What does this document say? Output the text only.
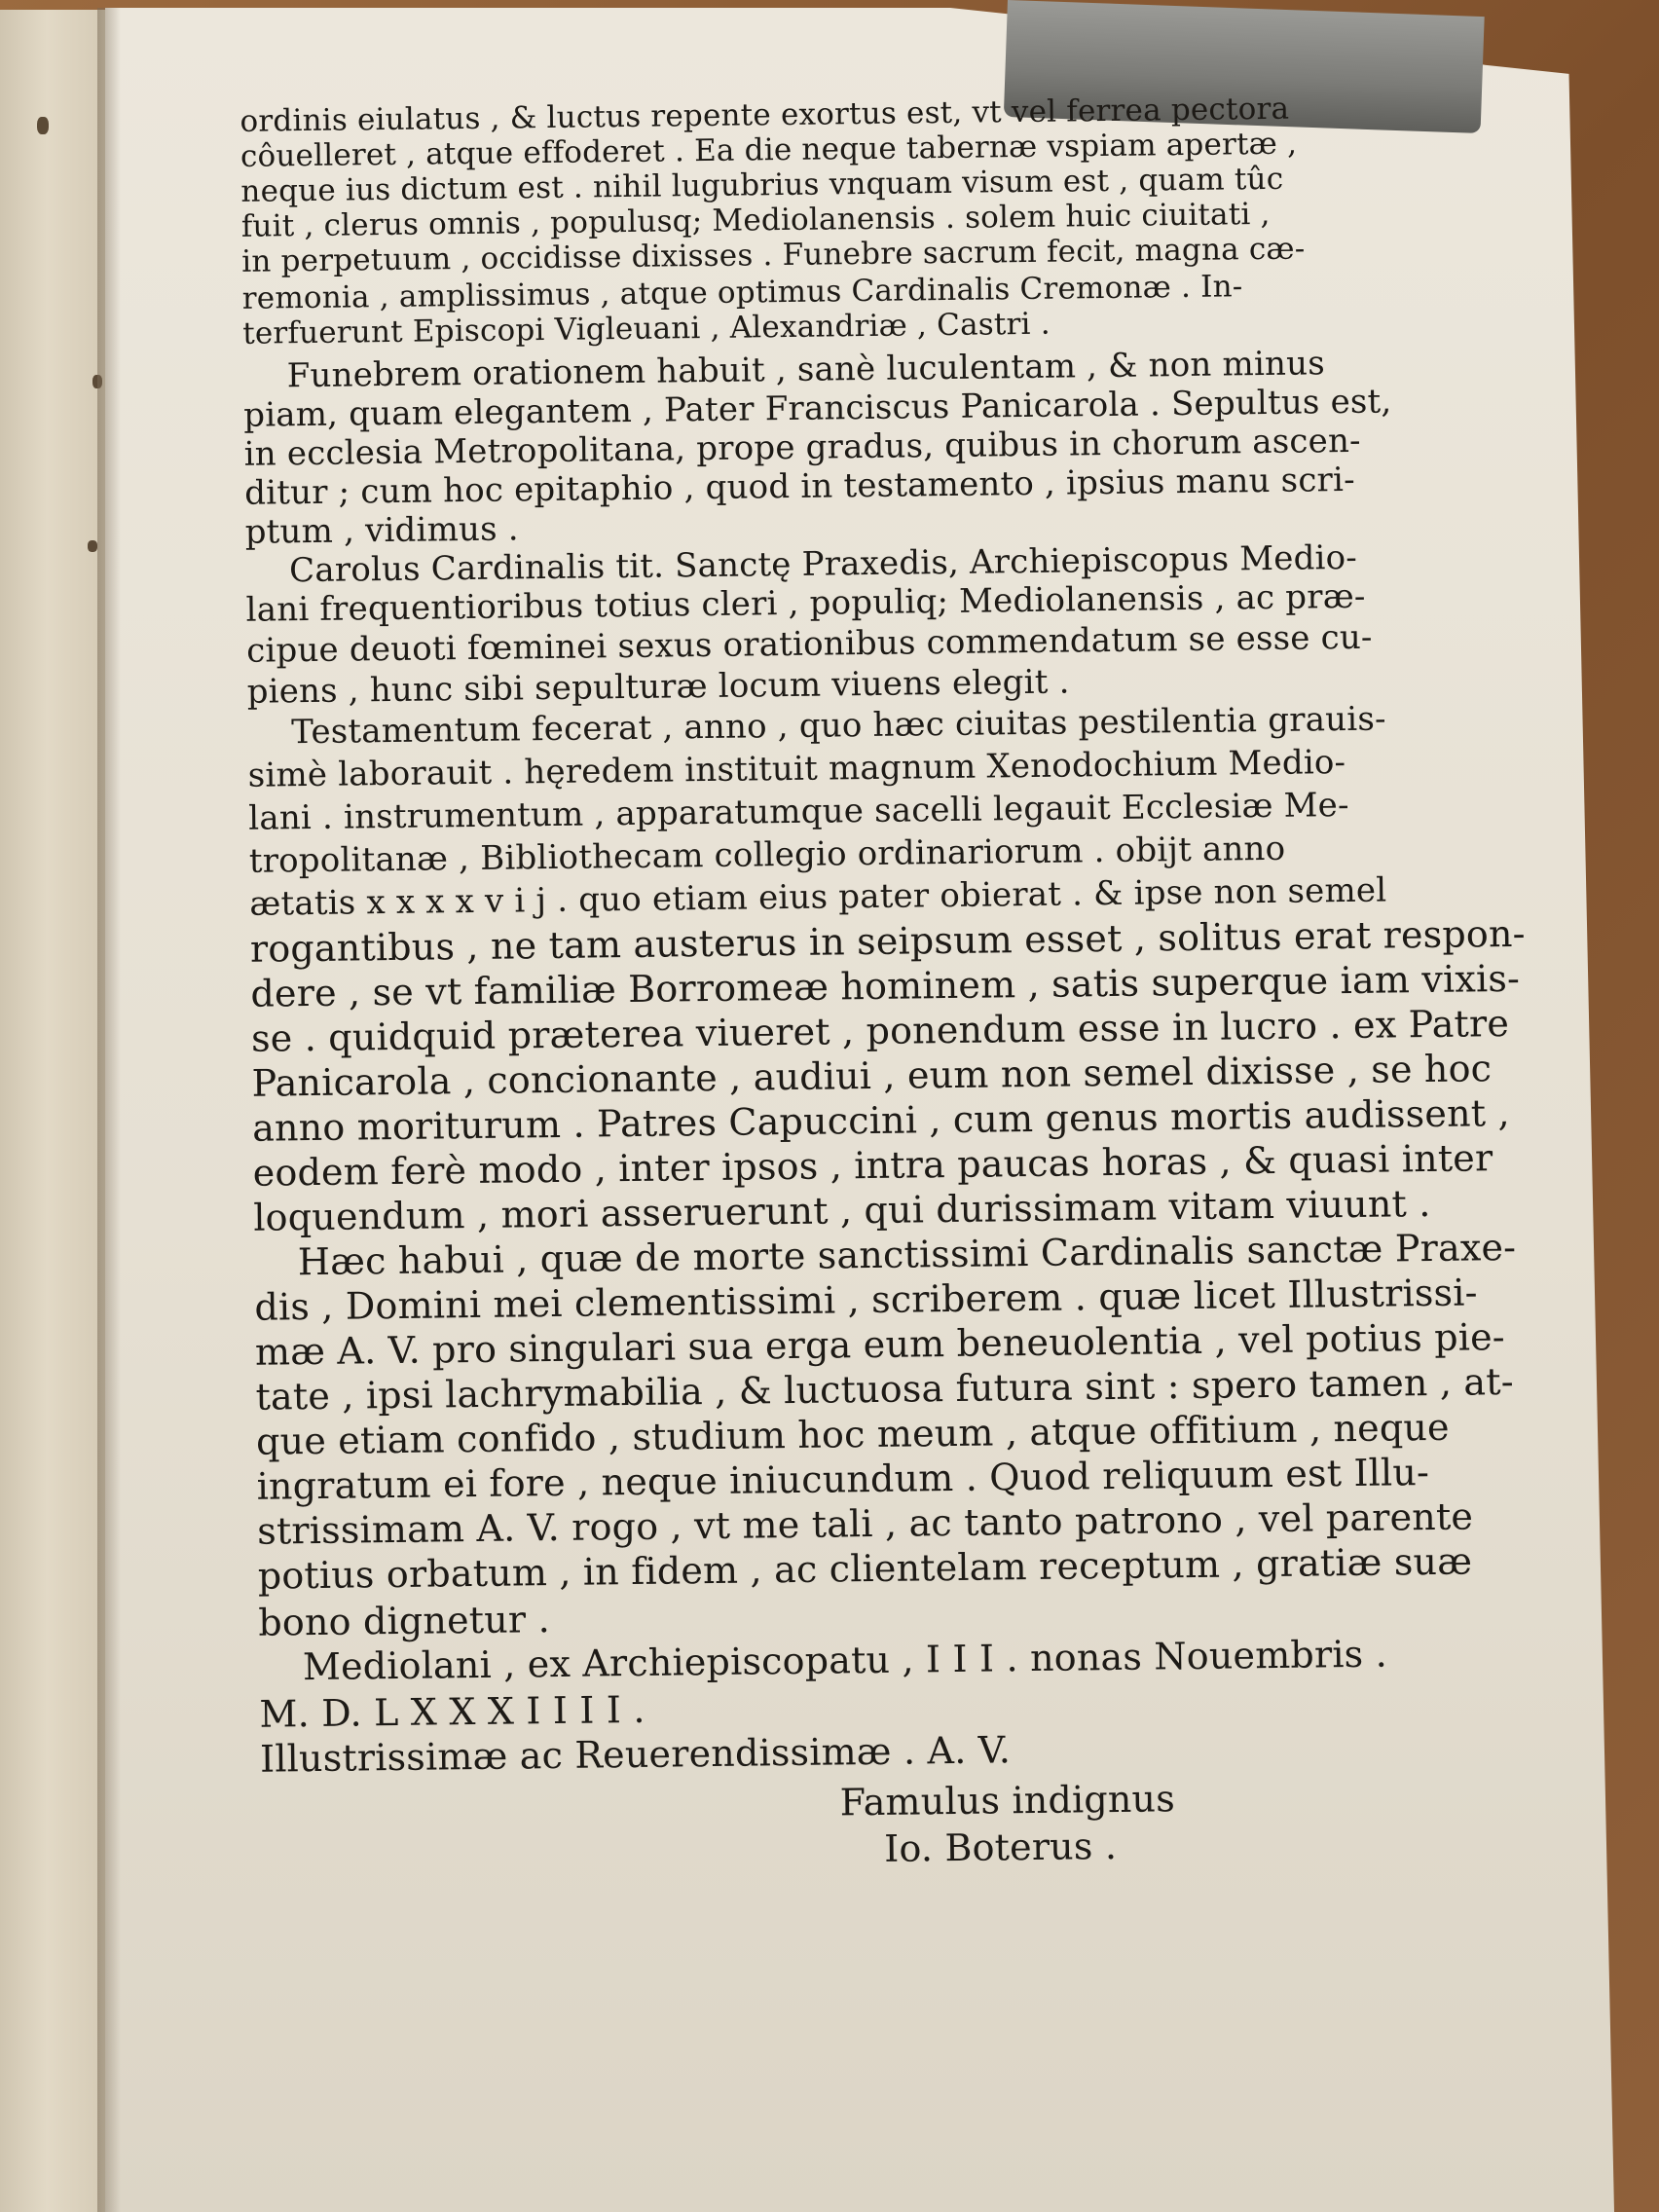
ordinis eiulatus , & luctus repente exortus est, vt vel ferrea pectora
côuelleret , atque effoderet . Ea die neque tabernæ vspiam apertæ ,
neque ius dictum est . nihil lugubrius vnquam visum est , quam tûc
fuit , clerus omnis , populusq; Mediolanensis . solem huic ciuitati ,
in perpetuum , occidisse dixisses . Funebre sacrum fecit, magna cæ-
remonia , amplissimus , atque optimus Cardinalis Cremonæ . In-
terfuerunt Episcopi Vigleuani , Alexandriæ , Castri .
Funebrem orationem habuit , sanè luculentam , & non minus
piam, quam elegantem , Pater Franciscus Panicarola . Sepultus est,
in ecclesia Metropolitana, prope gradus, quibus in chorum ascen-
ditur ; cum hoc epitaphio , quod in testamento , ipsius manu scri-
ptum , vidimus .
Carolus Cardinalis tit. Sanctę Praxedis, Archiepiscopus Medio-
lani frequentioribus totius cleri , populiq; Mediolanensis , ac præ-
cipue deuoti fœminei sexus orationibus commendatum se esse cu-
piens , hunc sibi sepulturæ locum viuens elegit .
Testamentum fecerat , anno , quo hæc ciuitas pestilentia grauis-
simè laborauit . hęredem instituit magnum Xenodochium Medio-
lani . instrumentum , apparatumque sacelli legauit Ecclesiæ Me-
tropolitanæ , Bibliothecam collegio ordinariorum . obijt anno
ætatis x x x x v i j . quo etiam eius pater obierat . & ipse non semel
rogantibus , ne tam austerus in seipsum esset , solitus erat respon-
dere , se vt familiæ Borromeæ hominem , satis superque iam vixis-
se . quidquid præterea viueret , ponendum esse in lucro . ex Patre
Panicarola , concionante , audiui , eum non semel dixisse , se hoc
anno moriturum . Patres Capuccini , cum genus mortis audissent ,
eodem ferè modo , inter ipsos , intra paucas horas , & quasi inter
loquendum , mori asseruerunt , qui durissimam vitam viuunt .
Hæc habui , quæ de morte sanctissimi Cardinalis sanctæ Praxe-
dis , Domini mei clementissimi , scriberem . quæ licet Illustrissi-
mæ A. V. pro singulari sua erga eum beneuolentia , vel potius pie-
tate , ipsi lachrymabilia , & luctuosa futura sint : spero tamen , at-
que etiam confido , studium hoc meum , atque offitium , neque
ingratum ei fore , neque iniucundum . Quod reliquum est Illu-
strissimam A. V. rogo , vt me tali , ac tanto patrono , vel parente
potius orbatum , in fidem , ac clientelam receptum , gratiæ suæ
bono dignetur .
Mediolani , ex Archiepiscopatu , I I I . nonas Nouembris .
M. D. L X X X I I I I .
Illustrissimæ ac Reuerendissimæ . A. V.
Famulus indignus
Io. Boterus .
